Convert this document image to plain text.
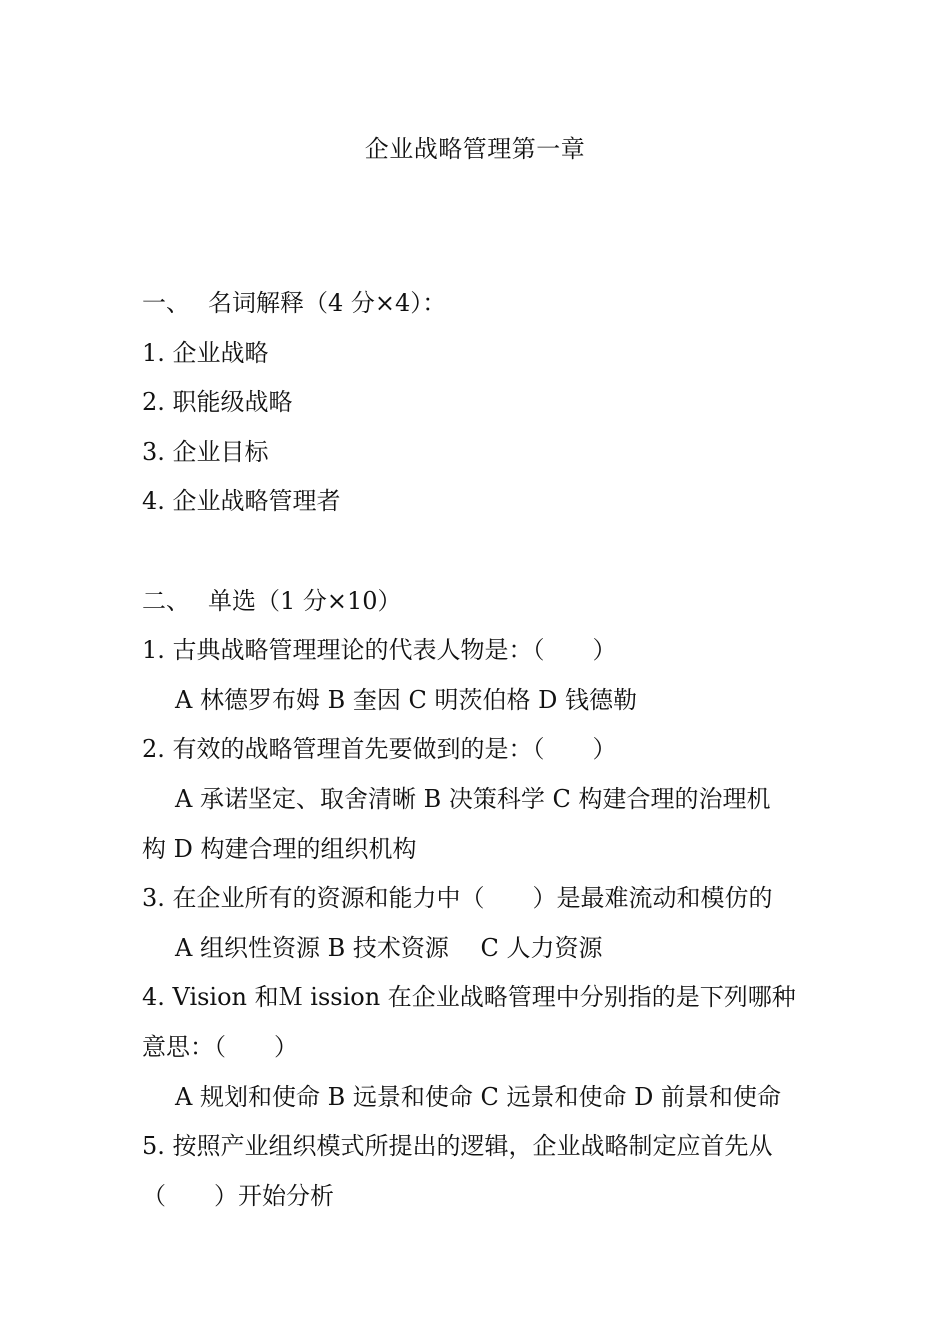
企业战略管理第一章
一、 名词解释（4 分×4）：
1. 企业战略
2. 职能级战略
3. 企业目标
4. 企业战略管理者
二、 单选（1 分×10）
1. 古典战略管理理论的代表人物是：（　　）
A 林德罗布姆 B 奎因 C 明茨伯格 D 钱德勒
2. 有效的战略管理首先要做到的是：（　　）
A 承诺坚定、取舍清晰 B 决策科学 C 构建合理的治理机
构 D 构建合理的组织机构
3. 在企业所有的资源和能力中（　　）是最难流动和模仿的
A 组织性资源 B 技术资源　 C 人力资源
4. Vision 和Ｍ ission 在企业战略管理中分别指的是下列哪种
意思：（　　）
A 规划和使命 B 远景和使命 C 远景和使命 D 前景和使命
5. 按照产业组织模式所提出的逻辑，企业战略制定应首先从
（　　）开始分析
